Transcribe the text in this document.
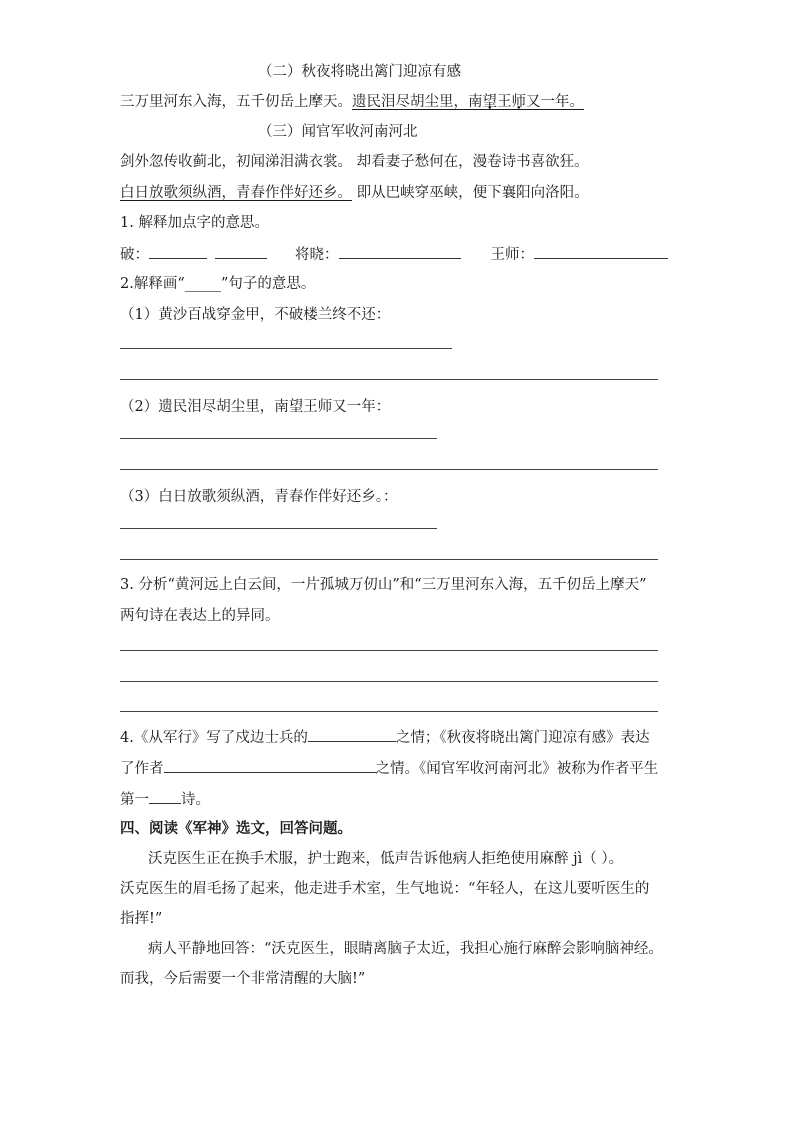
（二）秋夜将晓出篱门迎凉有感
三万里河东入海，五千仞岳上摩天。遗民泪尽胡尘里，南望王师又一年。
（三）闻官军收河南河北
剑外忽传收蓟北，初闻涕泪满衣裳。 却看妻子愁何在，漫卷诗书喜欲狂。
白日放歌须纵酒，青春作伴好还乡。 即从巴峡穿巫峡，便下襄阳向洛阳。
1. 解释加点字的意思。
破：	将晓：	王师：
2.解释画“_____”句子的意思。
（1）黄沙百战穿金甲，不破楼兰终不还：
（2）遗民泪尽胡尘里，南望王师又一年：
（3）白日放歌须纵酒，青春作伴好还乡。：
3. 分析“黄河远上白云间，一片孤城万仞山”和“三万里河东入海，五千仞岳上摩天”
两句诗在表达上的异同。
4.《从军行》写了戍边士兵的	之情；《秋夜将晓出篱门迎凉有感》表达
了作者	之情。《闻官军收河南河北》被称为作者平生
第一 诗。
四、阅读《军神》选文，回答问题。
沃克医生正在换手术服，护士跑来，低声告诉他病人拒绝使用麻醉 jì（ ）。
沃克医生的眉毛扬了起来，他走进手术室，生气地说：“年轻人，在这儿要听医生的
指挥!”
病人平静地回答：“沃克医生，眼睛离脑子太近，我担心施行麻醉会影响脑神经。
而我，今后需要一个非常清醒的大脑!”
